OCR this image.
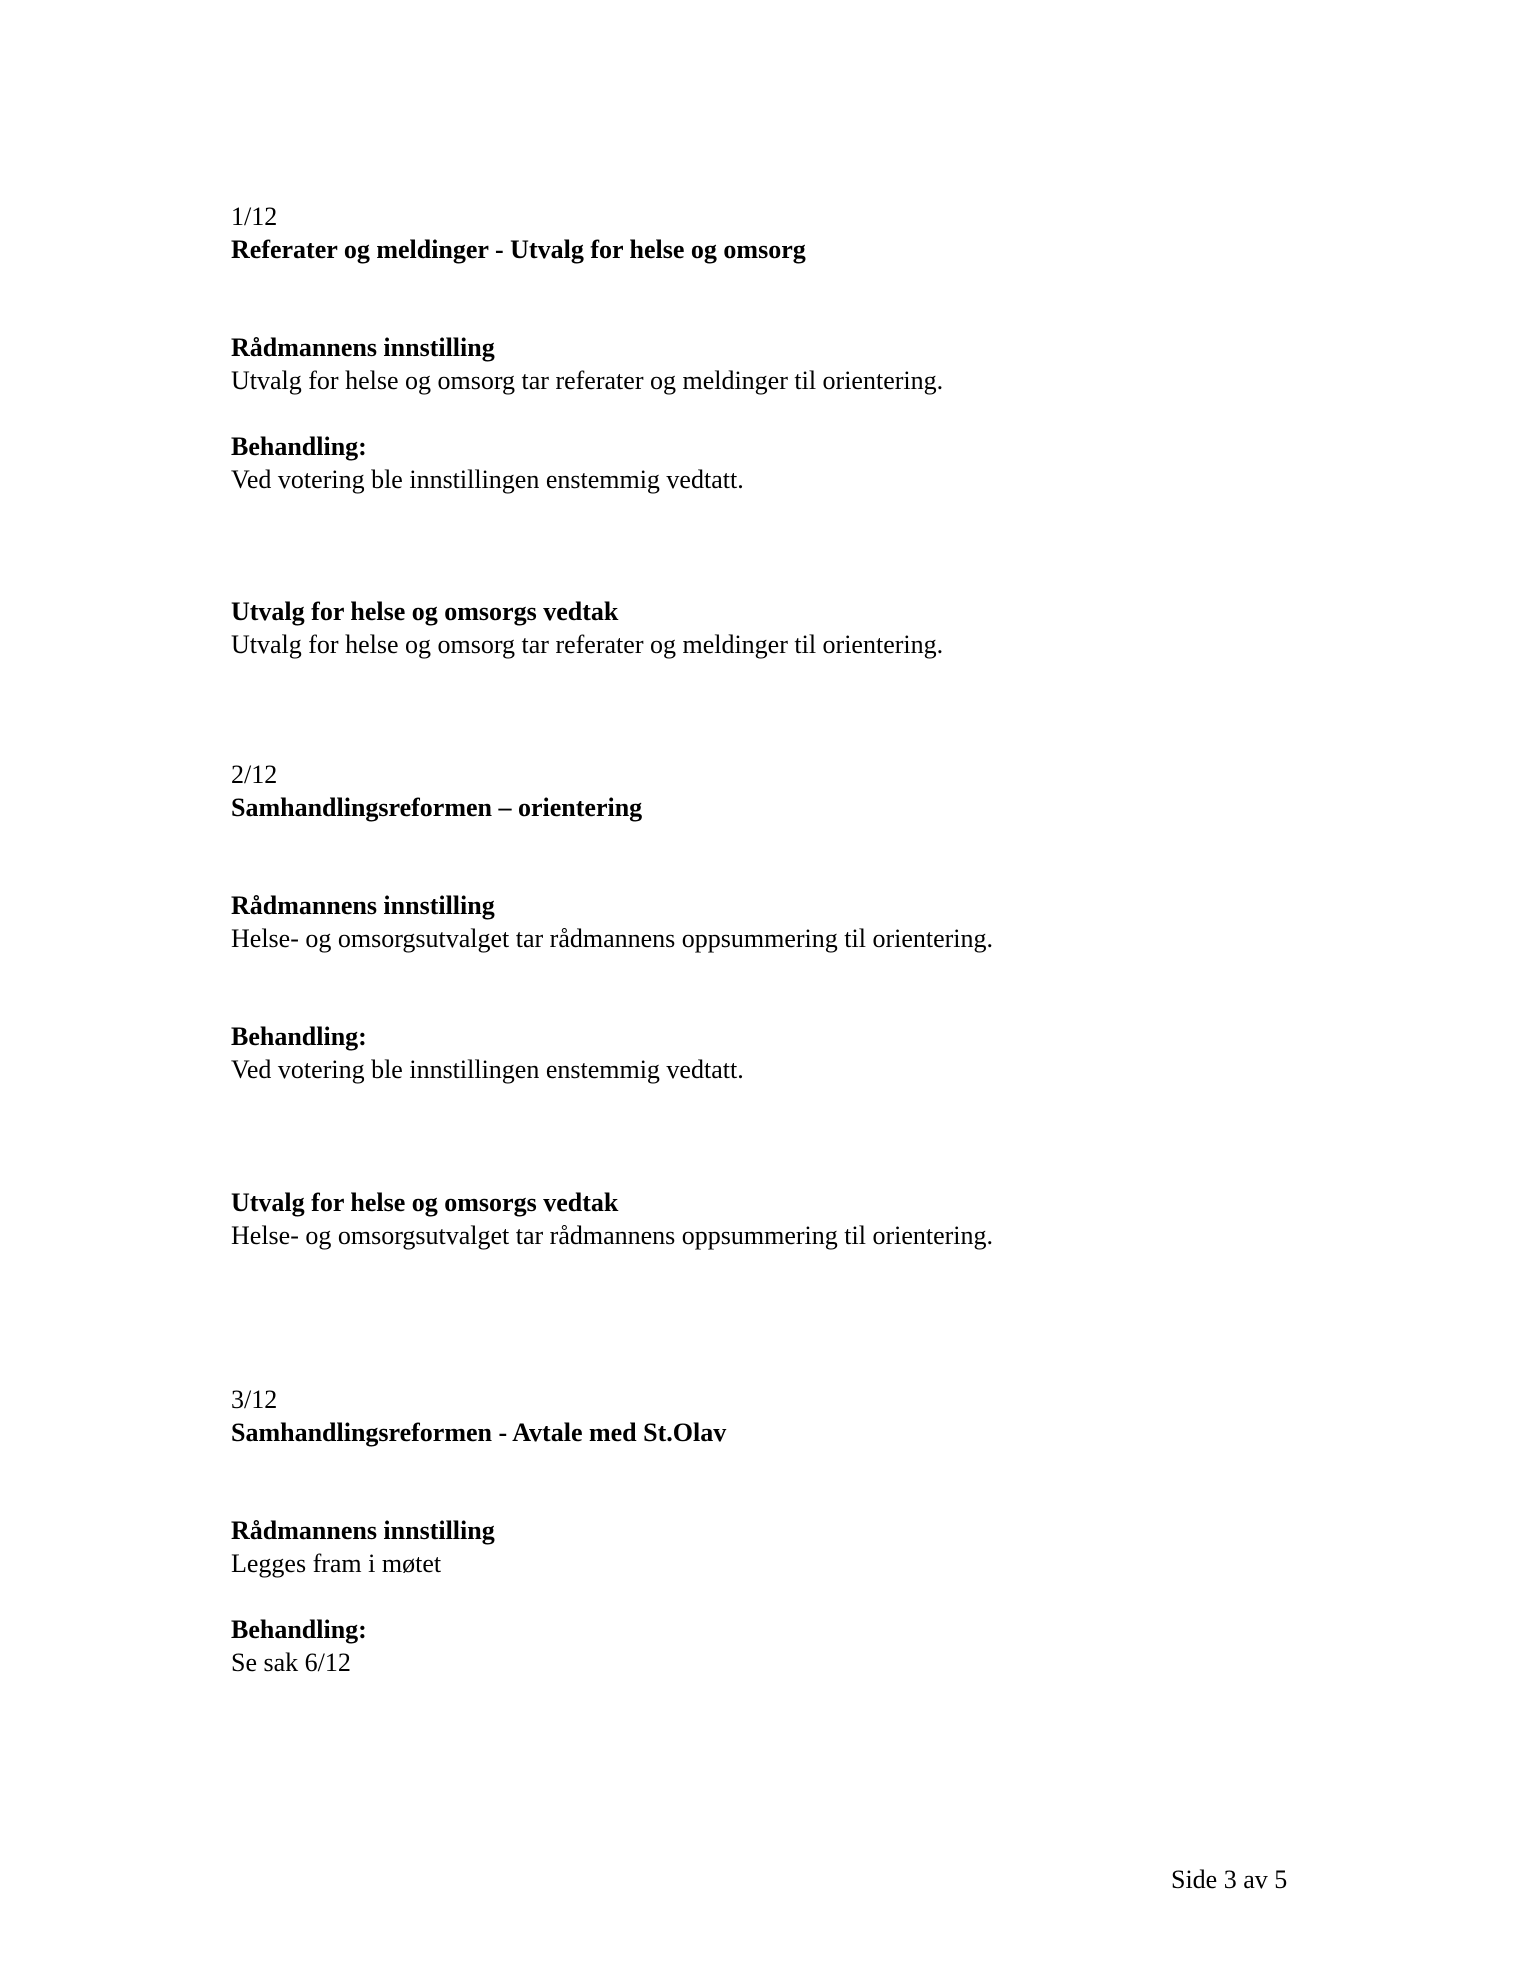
1/12
Referater og meldinger - Utvalg for helse og omsorg
Rådmannens innstilling
Utvalg for helse og omsorg tar referater og meldinger til orientering.
Behandling:
Ved votering ble innstillingen enstemmig vedtatt.
Utvalg for helse og omsorgs vedtak
Utvalg for helse og omsorg tar referater og meldinger til orientering.
2/12
Samhandlingsreformen – orientering
Rådmannens innstilling
Helse- og omsorgsutvalget tar rådmannens oppsummering til orientering.
Behandling:
Ved votering ble innstillingen enstemmig vedtatt.
Utvalg for helse og omsorgs vedtak
Helse- og omsorgsutvalget tar rådmannens oppsummering til orientering.
3/12
Samhandlingsreformen - Avtale med St.Olav
Rådmannens innstilling
Legges fram i møtet
Behandling:
Se sak 6/12
Side 3 av 5
